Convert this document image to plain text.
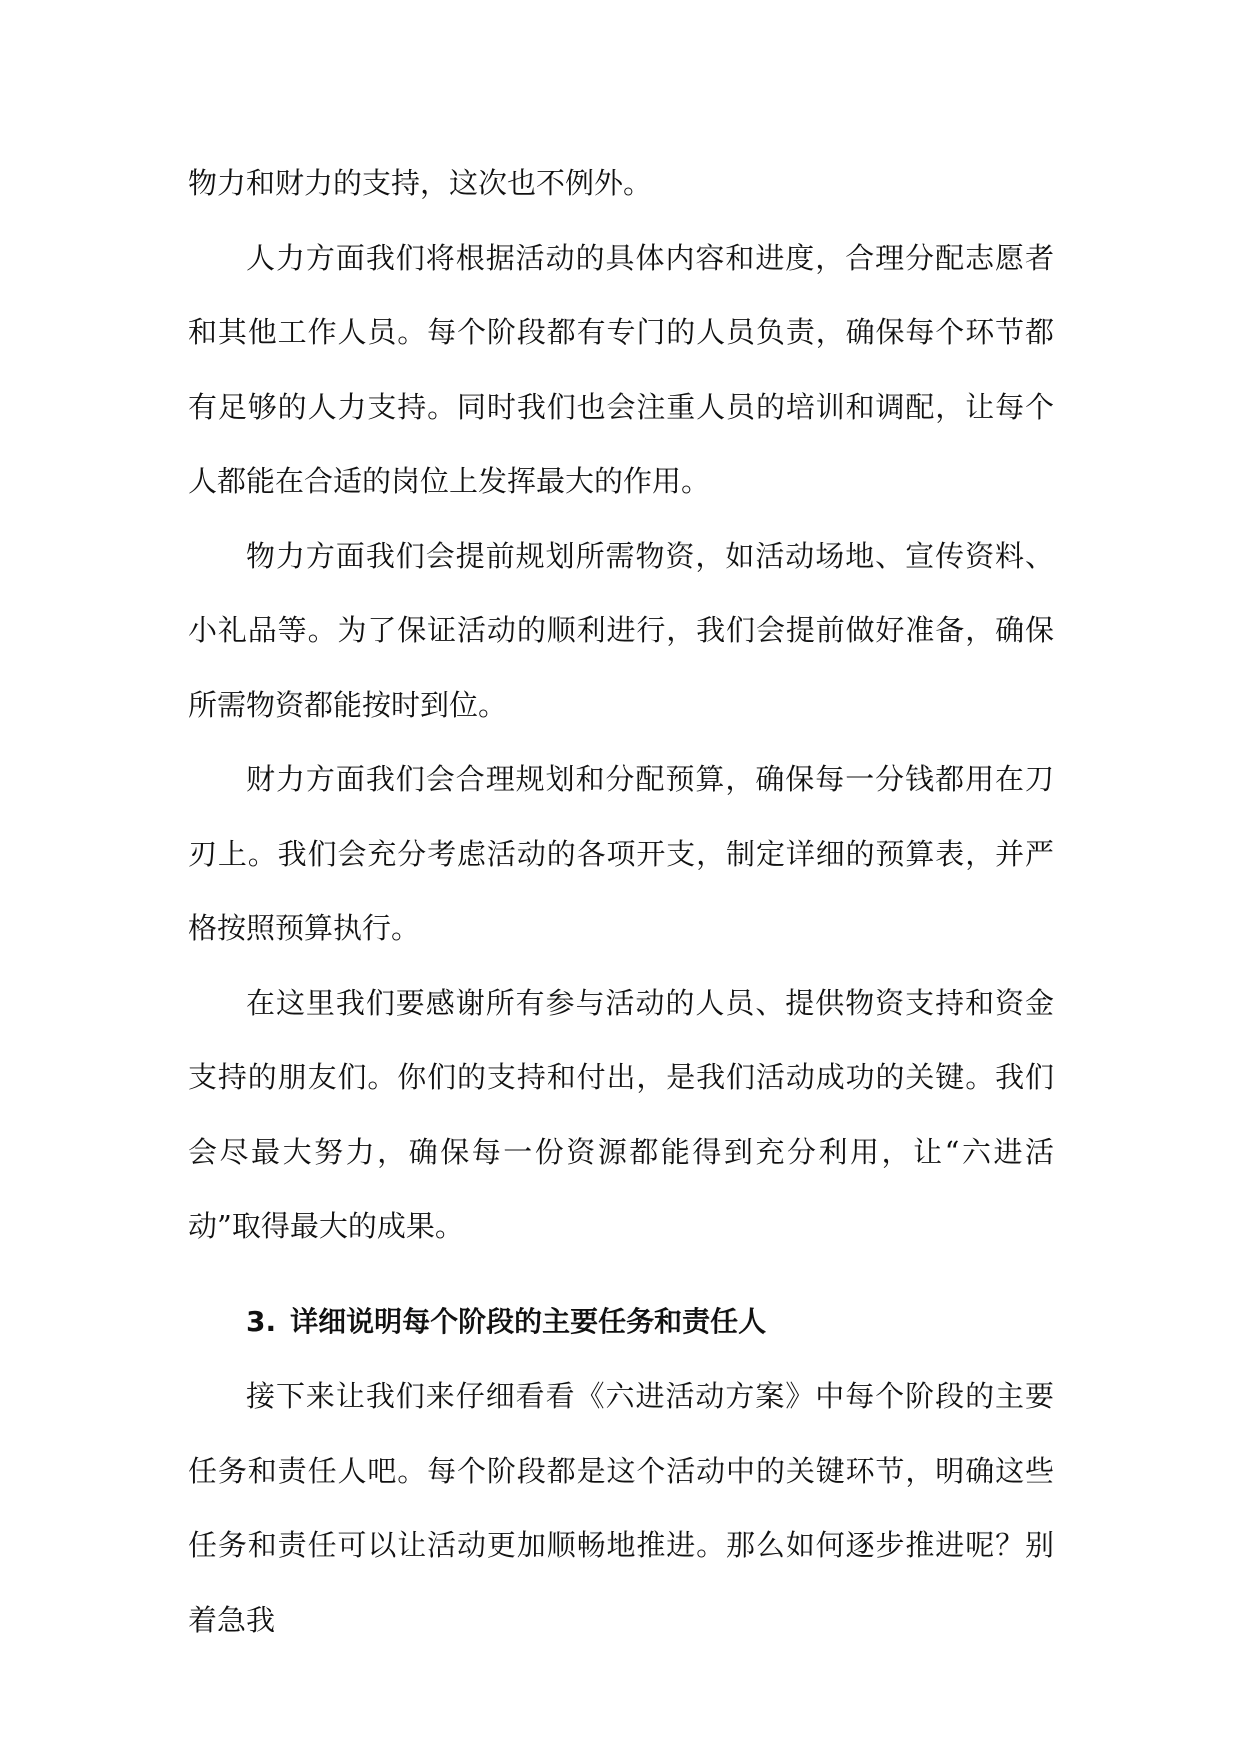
物力和财力的支持，这次也不例外。

人力方面我们将根据活动的具体内容和进度，合理分配志愿者和其他工作人员。每个阶段都有专门的人员负责，确保每个环节都有足够的人力支持。同时我们也会注重人员的培训和调配，让每个人都能在合适的岗位上发挥最大的作用。

物力方面我们会提前规划所需物资，如活动场地、宣传资料、小礼品等。为了保证活动的顺利进行，我们会提前做好准备，确保所需物资都能按时到位。

财力方面我们会合理规划和分配预算，确保每一分钱都用在刀刃上。我们会充分考虑活动的各项开支，制定详细的预算表，并严格按照预算执行。

在这里我们要感谢所有参与活动的人员、提供物资支持和资金支持的朋友们。你们的支持和付出，是我们活动成功的关键。我们会尽最大努力，确保每一份资源都能得到充分利用，让“六进活动”取得最大的成果。

3. 详细说明每个阶段的主要任务和责任人

接下来让我们来仔细看看《六进活动方案》中每个阶段的主要任务和责任人吧。每个阶段都是这个活动中的关键环节，明确这些任务和责任可以让活动更加顺畅地推进。那么如何逐步推进呢？别着急我
